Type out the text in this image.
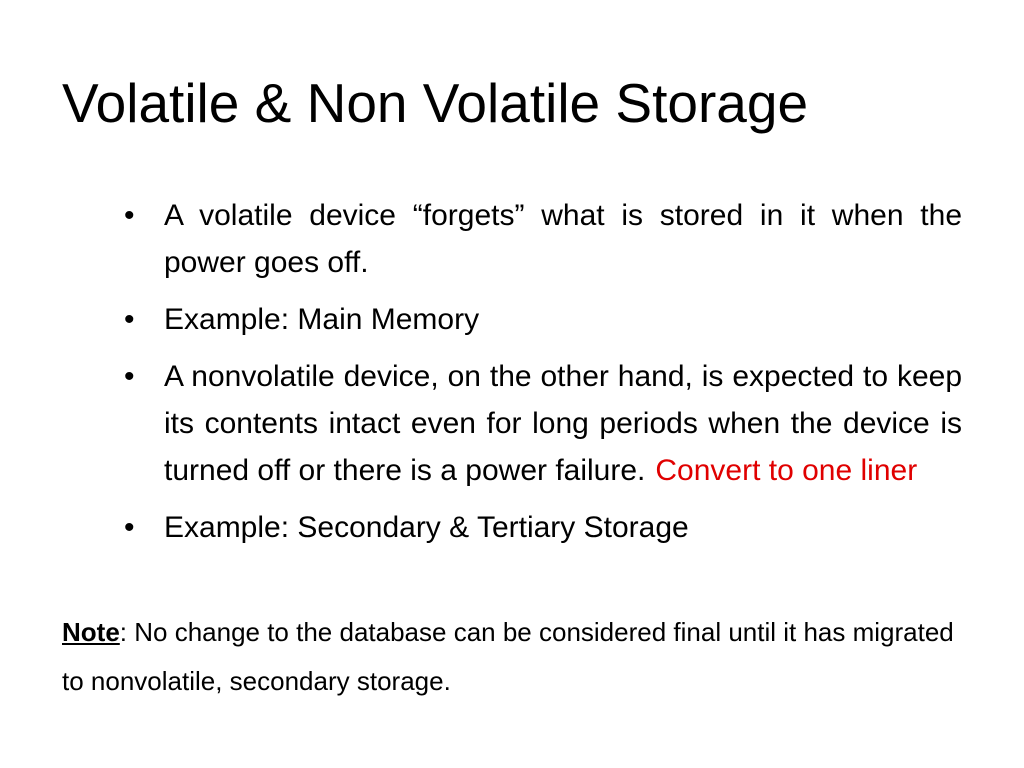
Volatile & Non Volatile Storage
• A volatile device “forgets” what is stored in it when the power goes off.
• Example: Main Memory
• A nonvolatile device, on the other hand, is expected to keep its contents intact even for long periods when the device is turned off or there is a power failure. Convert to one liner
• Example: Secondary & Tertiary Storage

Note: No change to the database can be considered final until it has migrated to nonvolatile, secondary storage.
